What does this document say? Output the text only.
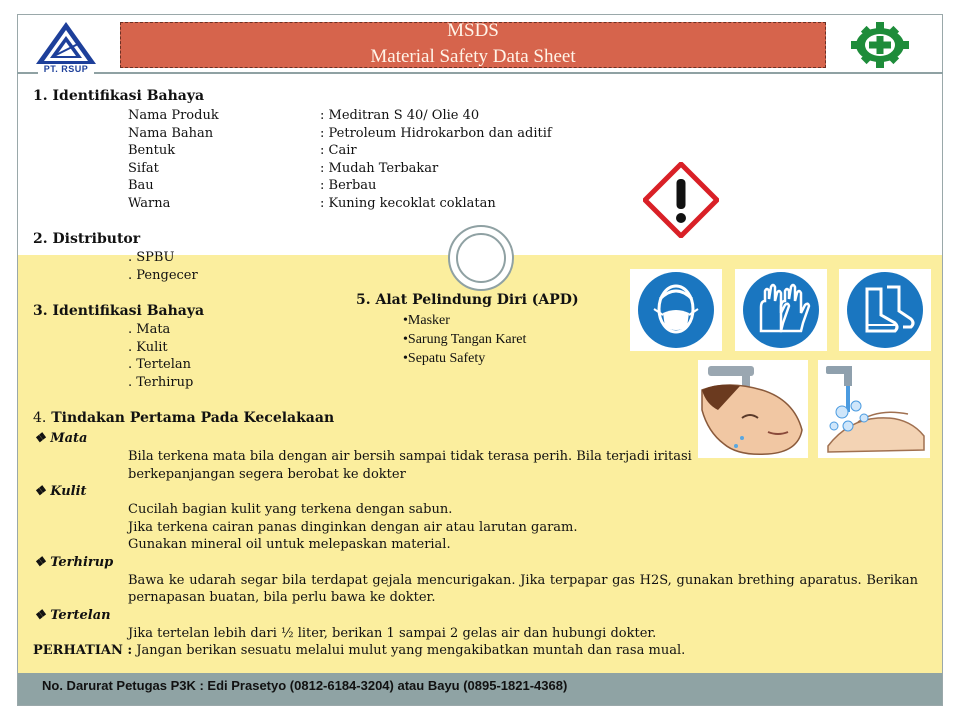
PT. RSUP
MSDS
Material Safety Data Sheet
1. Identifikasi Bahaya
Nama Produk	: Meditran S 40/ Olie 40
Nama Bahan	: Petroleum Hidrokarbon dan aditif
Bentuk	: Cair
Sifat	: Mudah Terbakar
Bau	: Berbau
Warna	: Kuning kecoklat coklatan
2. Distributor
. SPBU
. Pengecer
3. Identifikasi Bahaya
. Mata
. Kulit
. Tertelan
. Terhirup
5. Alat Pelindung Diri (APD)
•Masker
•Sarung Tangan Karet
•Sepatu Safety
4. Tindakan Pertama Pada Kecelakaan
❖ Mata
Bila terkena mata bila dengan air bersih sampai tidak terasa perih. Bila terjadi iritasi
berkepanjangan segera berobat ke dokter
❖ Kulit
Cucilah bagian kulit yang terkena dengan sabun.
Jika terkena cairan panas dinginkan dengan air atau larutan garam.
Gunakan mineral oil untuk melepaskan material.
❖ Terhirup
Bawa ke udarah segar bila terdapat gejala mencurigakan. Jika terpapar gas H2S, gunakan brething aparatus. Berikan
pernapasan buatan, bila perlu bawa ke dokter.
❖ Tertelan
Jika tertelan lebih dari ½ liter, berikan 1 sampai 2 gelas air dan hubungi dokter.
PERHATIAN : Jangan berikan sesuatu melalui mulut yang mengakibatkan muntah dan rasa mual.
No. Darurat Petugas P3K : Edi Prasetyo (0812-6184-3204) atau Bayu (0895-1821-4368)
